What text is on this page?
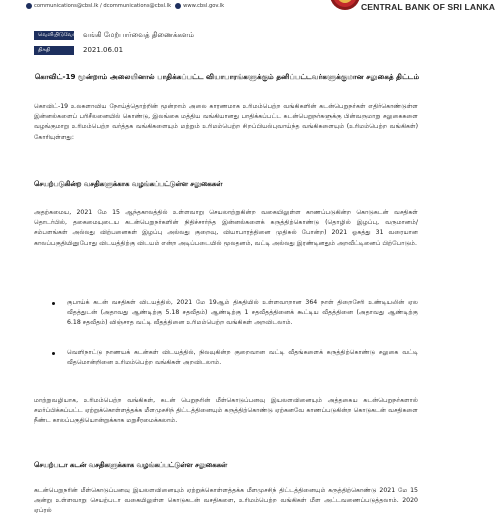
communications@cbsl.lk / dcommunications@cbsl.lk www.cbsl.gov.lk	CENTRAL BANK OF SRI LANKA
வெளியிடுவோர் வங்கி மேற்பார்வைத் திணைக்களம்
திகதி	2021.06.01
கொவிட்-19 மூன்றாம் அலையினால் பாதிக்கப்பட்ட வியாபாரங்களுக்கும் தனிப்பட்டவர்களுக்குமான சலுகைத் திட்டம்

கொவிட்-19 உலகளாவிய நோய்த்தொற்றின் மூன்றாம் அலை காரணமாக உரிமம்பெற்ற வங்கிகளின் கடன்பெறுநர்கள் எதிர்கொண்டுள்ள இன்னல்களைப் பரிசீலனையில் கொண்டு, இலங்கை மத்திய வங்கியானது பாதிக்கப்பட்ட கடன்பெறுநர்களுக்கு பின்வருமாறு சலுகைகளை வழங்குமாறு உரிமம்பெற்ற வர்த்தக வங்கிகளையும் மற்றும் உரிமம்பெற்ற சிறப்பியல்புவாய்ந்த வங்கிகளையும் (உரிமம்பெற்ற வங்கிகள்) கோரியுள்ளது:

செயற்படுகின்ற வசதிகளுக்காக வழங்கப்பட்டுள்ள சலுகைகள்

அதற்கமைய, 2021 மே 15 ஆந்தகாலத்தில் உள்ளவாறு செயலாற்றுகின்ற வகையிலுள்ள காணப்படுகின்ற கொடுகடன் வசதிகள் தொடர்பில், தகைமையுடைய கடன்பெறுநர்களின் நிதிச்சார்ந்த இன்னல்களைக் கருத்திற்கொண்டு (தொழில் இழப்பு, வருமானம்/ சம்பளங்கள் அல்லது விற்பனைகள் இழப்பு அல்லது குறைவு, வியாபாரத்தினை முதிசுல் போன்ற) 2021 ஓகத்து 31 வரையான காலப்பகுதியினுபோது விடயத்திற்கு விடயம் என்ற அடிப்படையில் மூலதனம், வட்டி அல்லது இரண்டினதும் அறவீட்டினைப் பிற்போடும்.

குபாய்க் கடன் வசதிகள் விடயத்தில், 2021 மே 19ஆம் திகதியில் உள்ளவாறான 364 நாள் திறைசேரி உண்டியலின் ஏல வீதத்துடன் (அதாவது ஆண்டிற்கு 5.18 சதவீதம்) ஆண்டிற்கு 1 சதவீதத்தினைக் கூட்டிய வீதத்தினை (அதாவது ஆண்டிற்கு 6.18 சதவீதம்) விஞ்சாத வட்டி வீதத்தினை உரிமம்பெற்ற வங்கிகள் அறவிடலாம்.
வெளிநாட்டு நாணயக் கடன்கள் விடயத்தில், நிலவுகின்ற குறைவான வட்டி வீதங்களைக் கருத்திற்கொண்டு சலுகை வட்டி வீதமொன்றினை உரிமம்பெற்ற வங்கிகள் அறவிடலாம்.

மாற்றுவழியாக, உரிமம்பெற்ற வங்கிகள், கடன் பெறுநரின் மீள்கொடுப்பனவு இயலளவினையும் அத்தகைய கடன்பெறுநர்களால் சமர்ப்பிக்கப்பட்ட ஏற்றுக்கொள்ளத்தக்க மீளமுசசிந் திட்டத்தினையும் கருத்திற்கொண்டு ஏற்கனவே காணப்படுகின்ற கொடுகடன் வசதிகளை நீண்ட காலப்பகுதியொன்றுக்காக மறுசீரமைக்கலாம்.

செயற்படா கடன் வசதிகளுக்காக வழங்கப்பட்டுள்ள சலுகைகள்

கடன்பெறுநரின் மீள்கொடுப்பனவு இயலளவினையும் ஏற்றுக்கொள்ளத்தக்க மீளமுசசிந் திட்டத்தினையும் கருத்திற்கொண்டு 2021 மே 15 அன்று உள்ளவாறு செயற்படா வகையிலுள்ள கொடுகடன் வசதிகளை, உரிமம்பெற்ற வங்கிகள் மீள அட்டவணைப்படுத்தலாம். 2020 ஏப்ரல்
